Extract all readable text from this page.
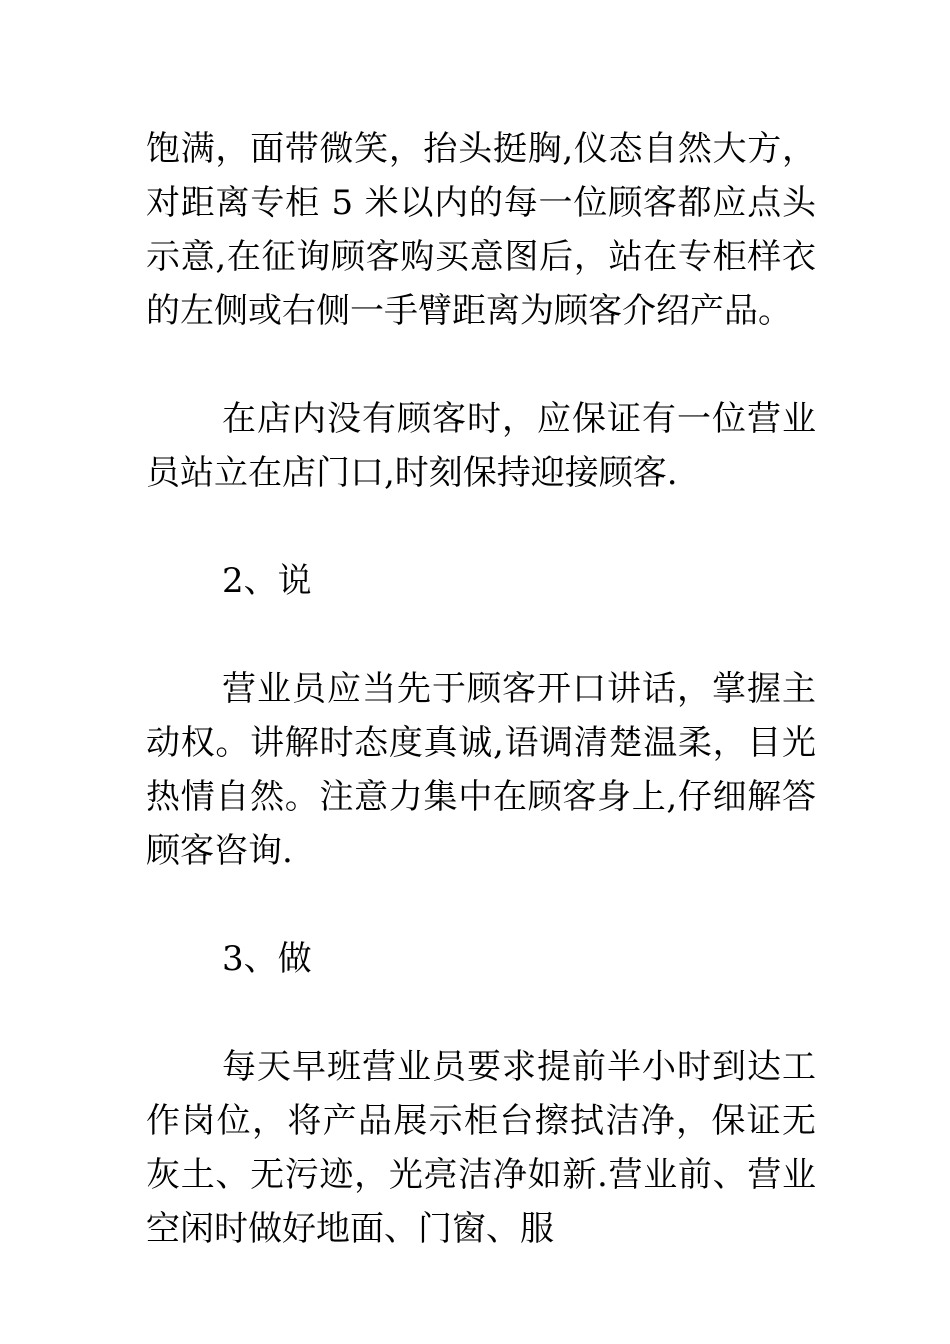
饱满，面带微笑，抬头挺胸,仪态自然大方，对距离专柜 5 米以内的每一位顾客都应点头示意,在征询顾客购买意图后，站在专柜样衣的左侧或右侧一手臂距离为顾客介绍产品。

在店内没有顾客时，应保证有一位营业员站立在店门口,时刻保持迎接顾客.

2、说

营业员应当先于顾客开口讲话，掌握主动权。讲解时态度真诚,语调清楚温柔，目光热情自然。注意力集中在顾客身上,仔细解答顾客咨询.

3、做

每天早班营业员要求提前半小时到达工作岗位，将产品展示柜台擦拭洁净，保证无灰土、无污迹，光亮洁净如新.营业前、营业空闲时做好地面、门窗、服
